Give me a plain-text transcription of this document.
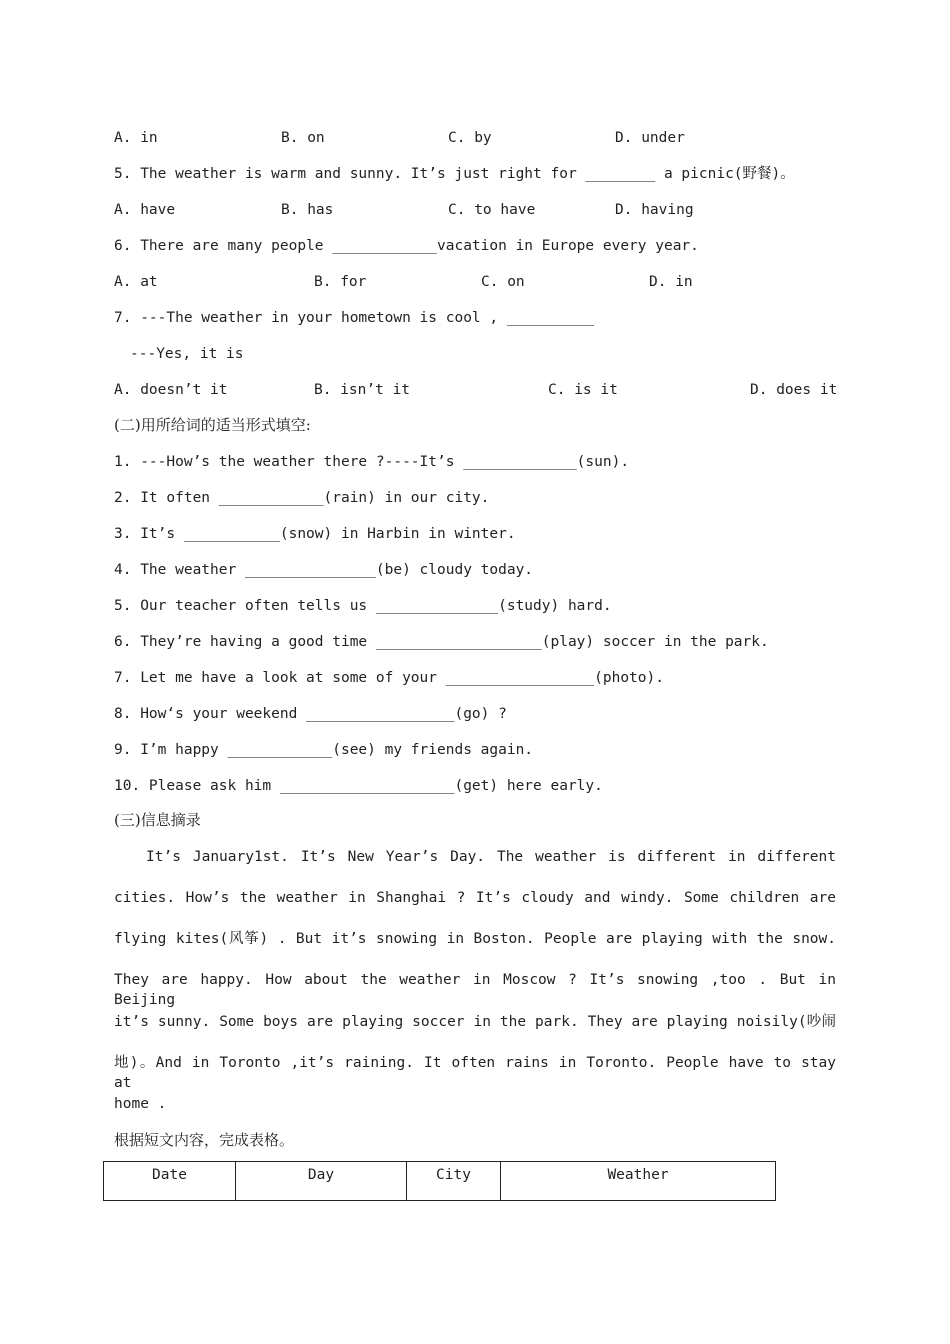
A. in	B. on	C. by	D. under
5. The weather is warm and sunny. It’s just right for ________ a picnic(野餐)。
A. have	B. has	C. to have	D. having
6. There are many people ____________vacation in Europe every year.
A. at	B. for	C. on	D. in
7. ---The weather in your hometown is cool , __________
---Yes, it is
A. doesn’t it	B. isn’t it	C. is it	D. does it
(二)用所给词的适当形式填空:
1. ---How’s the weather there ?----It’s _____________(sun).
2. It often ____________(rain) in our city.
3. It’s ___________(snow) in Harbin in winter.
4. The weather _______________(be) cloudy today.
5. Our teacher often tells us ______________(study) hard.
6. They’re having a good time ___________________(play) soccer in the park.
7. Let me have a look at some of your _________________(photo).
8. How‘s your weekend _________________(go) ?
9. I’m happy ____________(see) my friends again.
10. Please ask him ____________________(get) here early.
(三)信息摘录
It’s January1st. It’s New Year’s Day. The weather is different in different
cities. How’s the weather in Shanghai ? It’s cloudy and windy. Some children are
flying kites(风筝) . But it’s snowing in Boston. People are playing with the snow.
They are happy. How about the weather in Moscow ? It’s snowing ,too . But in Beijing
it’s sunny. Some boys are playing soccer in the park. They are playing noisily(吵闹
地)。And in Toronto ,it’s raining. It often rains in Toronto. People have to stay at
home .
根据短文内容，完成表格。
Date	Day	City	Weather
